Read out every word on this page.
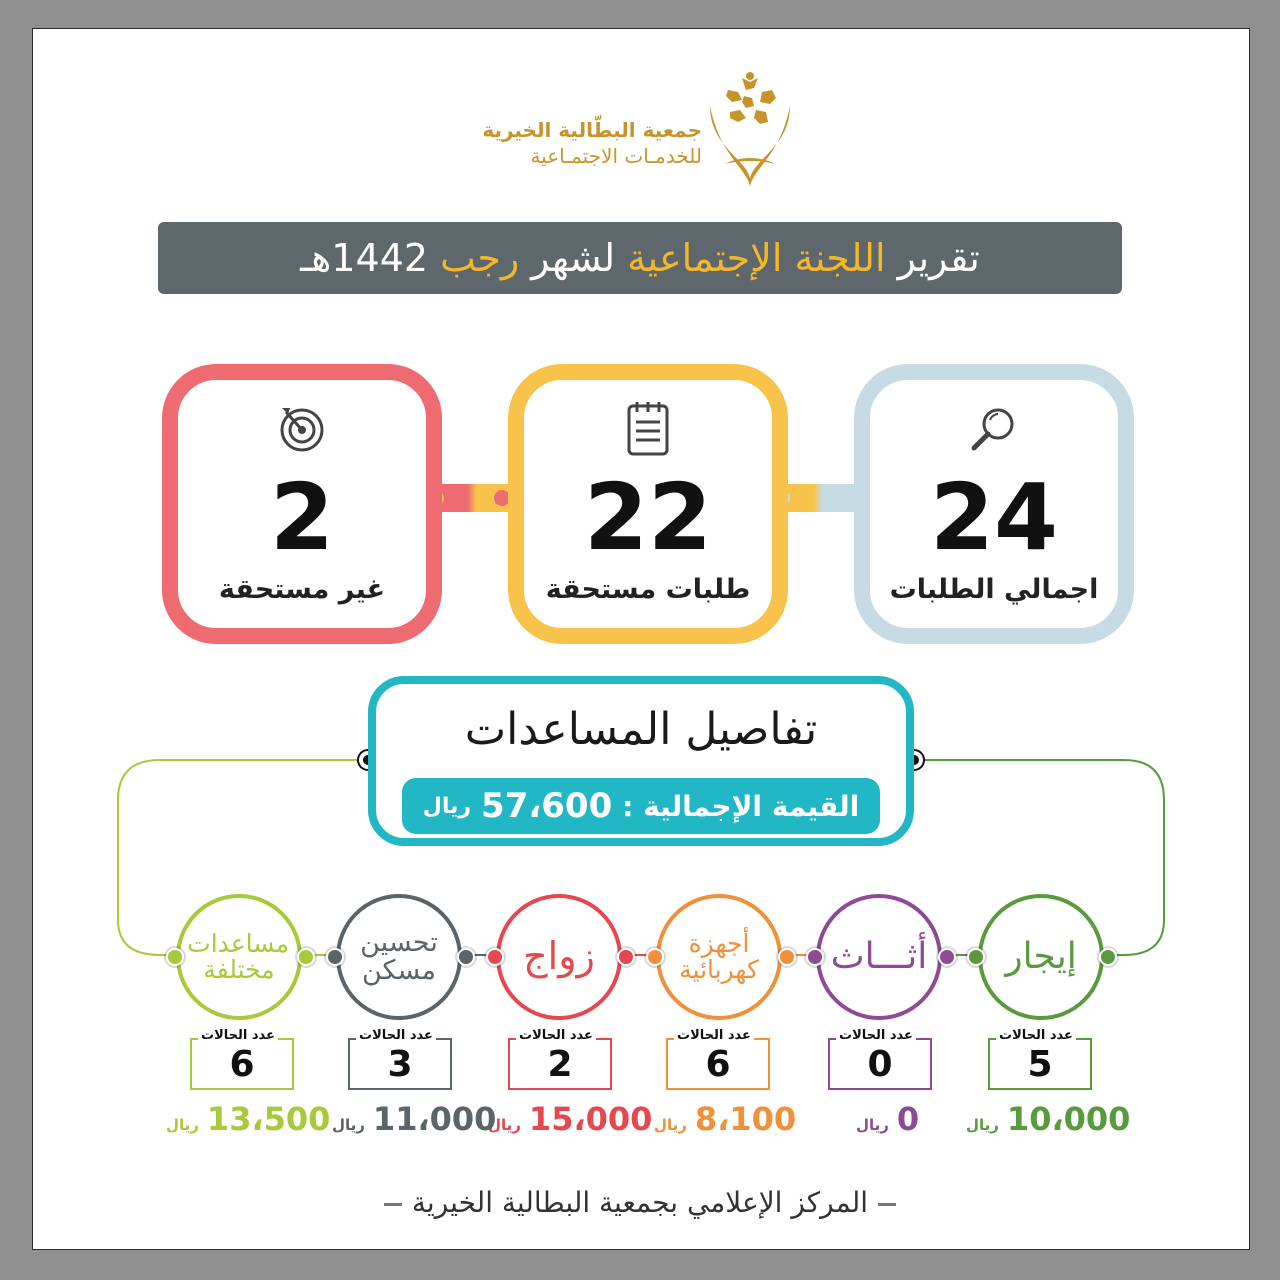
جمعية البطّالية الخيرية
للخدمـات الاجتمـاعية
تقرير
اللجنة الإجتماعية
لشهر
رجب
1442هـ
24
اجمالي الطلبات
22
طلبات مستحقة
2
غير مستحقة
تفاصيل المساعدات
القيمة الإجمالية :
57،600
ريال
إيجار
5
عدد الحالات
ريال 10،000
أثـــاث
0
عدد الحالات
ريال 0
أجهزة كهربائية
6
عدد الحالات
ريال 8،100
زواج
2
عدد الحالات
ريال 15،000
تحسين مسكن
3
عدد الحالات
ريال 11،000
مساعدات مختلفة
6
عدد الحالات
ريال 13،500
المركز الإعلامي بجمعية البطالية الخيرية
